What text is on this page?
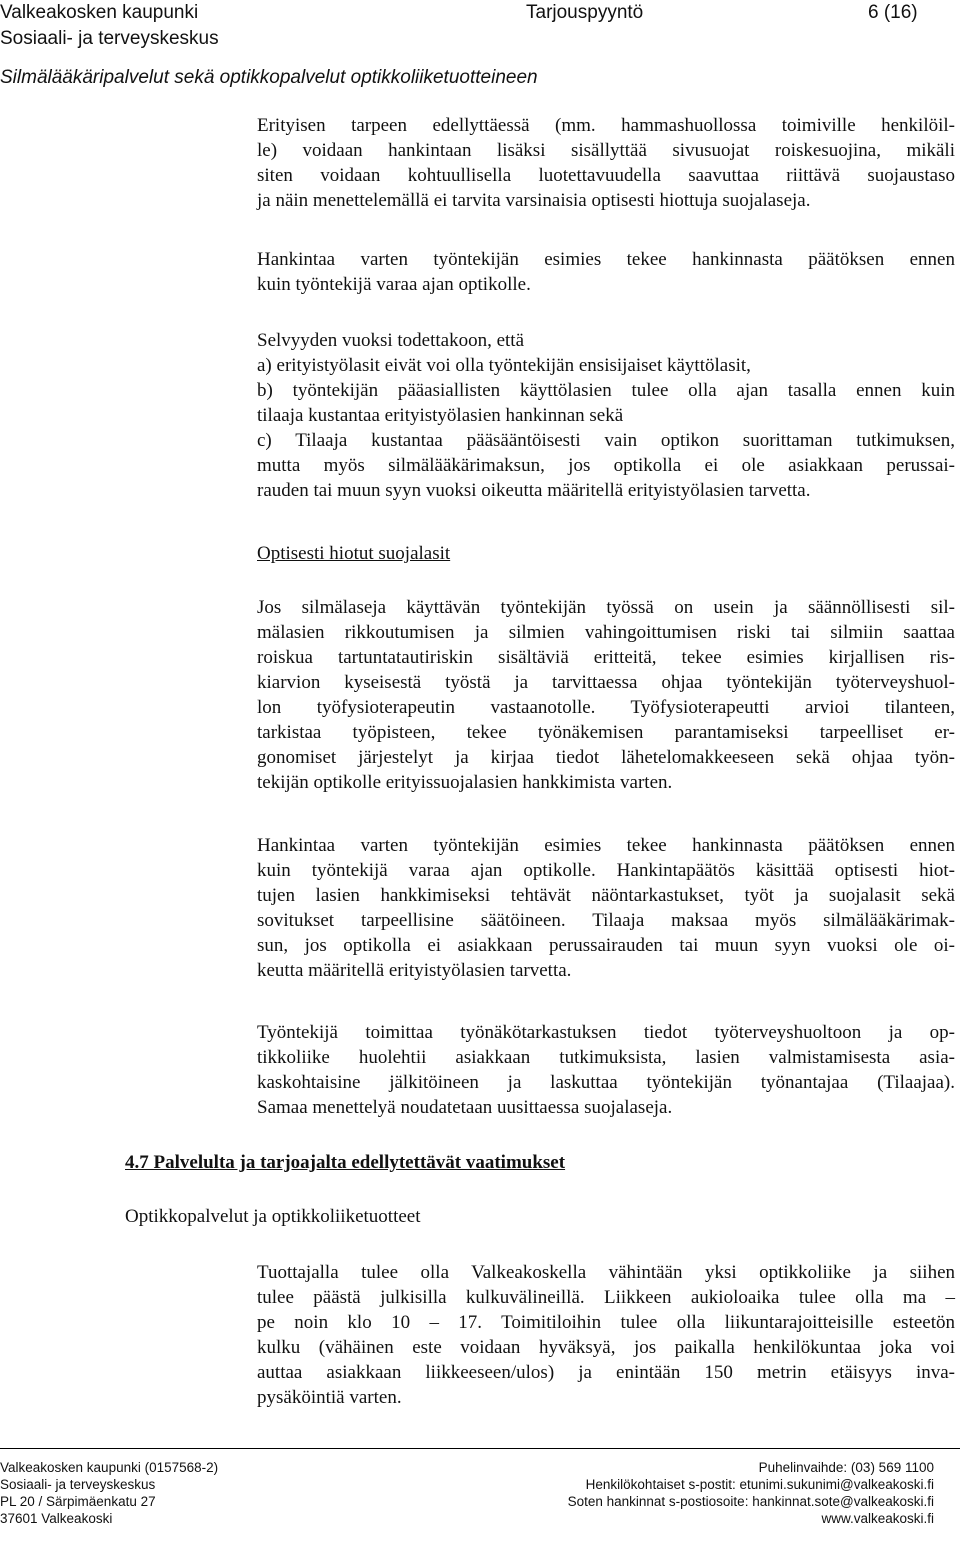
Valkeakosken kaupunki	Tarjouspyyntö	6 (16)
Sosiaali- ja terveyskeskus
Silmälääkäripalvelut sekä optikkopalvelut optikkoliiketuotteineen

Erityisen tarpeen edellyttäessä (mm. hammashuollossa toimiville henkilöil-
le) voidaan hankintaan lisäksi sisällyttää sivusuojat roiskesuojina, mikäli
siten voidaan kohtuullisella luotettavuudella saavuttaa riittävä suojaustaso
ja näin menettelemällä ei tarvita varsinaisia optisesti hiottuja suojalaseja.

Hankintaa varten työntekijän esimies tekee hankinnasta päätöksen ennen
kuin työntekijä varaa ajan optikolle.

Selvyyden vuoksi todettakoon, että
a) erityistyölasit eivät voi olla työntekijän ensisijaiset käyttölasit,
b) työntekijän pääasiallisten käyttölasien tulee olla ajan tasalla ennen kuin
tilaaja kustantaa erityistyölasien hankinnan sekä
c) Tilaaja kustantaa pääsääntöisesti vain optikon suorittaman tutkimuksen,
mutta myös silmälääkärimaksun, jos optikolla ei ole asiakkaan perussai-
rauden tai muun syyn vuoksi oikeutta määritellä erityistyölasien tarvetta.

Optisesti hiotut suojalasit

Jos silmälaseja käyttävän työntekijän työssä on usein ja säännöllisesti sil-
mälasien rikkoutumisen ja silmien vahingoittumisen riski tai silmiin saattaa
roiskua tartuntatautiriskin sisältäviä eritteitä, tekee esimies kirjallisen ris-
kiarvion kyseisestä työstä ja tarvittaessa ohjaa työntekijän työterveyshuol-
lon työfysioterapeutin vastaanotolle. Työfysioterapeutti arvioi tilanteen,
tarkistaa työpisteen, tekee työnäkemisen parantamiseksi tarpeelliset er-
gonomiset järjestelyt ja kirjaa tiedot lähetelomakkeeseen sekä ohjaa työn-
tekijän optikolle erityissuojalasien hankkimista varten.

Hankintaa varten työntekijän esimies tekee hankinnasta päätöksen ennen
kuin työntekijä varaa ajan optikolle. Hankintapäätös käsittää optisesti hiot-
tujen lasien hankkimiseksi tehtävät näöntarkastukset, työt ja suojalasit sekä
sovitukset tarpeellisine säätöineen. Tilaaja maksaa myös silmälääkärimak-
sun, jos optikolla ei asiakkaan perussairauden tai muun syyn vuoksi ole oi-
keutta määritellä erityistyölasien tarvetta.

Työntekijä toimittaa työnäkötarkastuksen tiedot työterveyshuoltoon ja op-
tikkoliike huolehtii asiakkaan tutkimuksista, lasien valmistamisesta asia-
kaskohtaisine jälkitöineen ja laskuttaa työntekijän työnantajaa (Tilaajaa).
Samaa menettelyä noudatetaan uusittaessa suojalaseja.

4.7 Palvelulta ja tarjoajalta edellytettävät vaatimukset
Optikkopalvelut ja optikkoliiketuotteet

Tuottajalla tulee olla Valkeakoskella vähintään yksi optikkoliike ja siihen
tulee päästä julkisilla kulkuvälineillä. Liikkeen aukioloaika tulee olla ma –
pe noin klo 10 – 17. Toimitiloihin tulee olla liikuntarajoitteisille esteetön
kulku (vähäinen este voidaan hyväksyä, jos paikalla henkilökuntaa joka voi
auttaa asiakkaan liikkeeseen/ulos) ja enintään 150 metrin etäisyys inva-
pysäköintiä varten.

Valkeakosken kaupunki (0157568-2)
Sosiaali- ja terveyskeskus
PL 20 / Särpimäenkatu 27
37601 Valkeakoski
Puhelinvaihde: (03) 569 1100
Henkilökohtaiset s-postit: etunimi.sukunimi@valkeakoski.fi
Soten hankinnat s-postiosoite: hankinnat.sote@valkeakoski.fi
www.valkeakoski.fi
